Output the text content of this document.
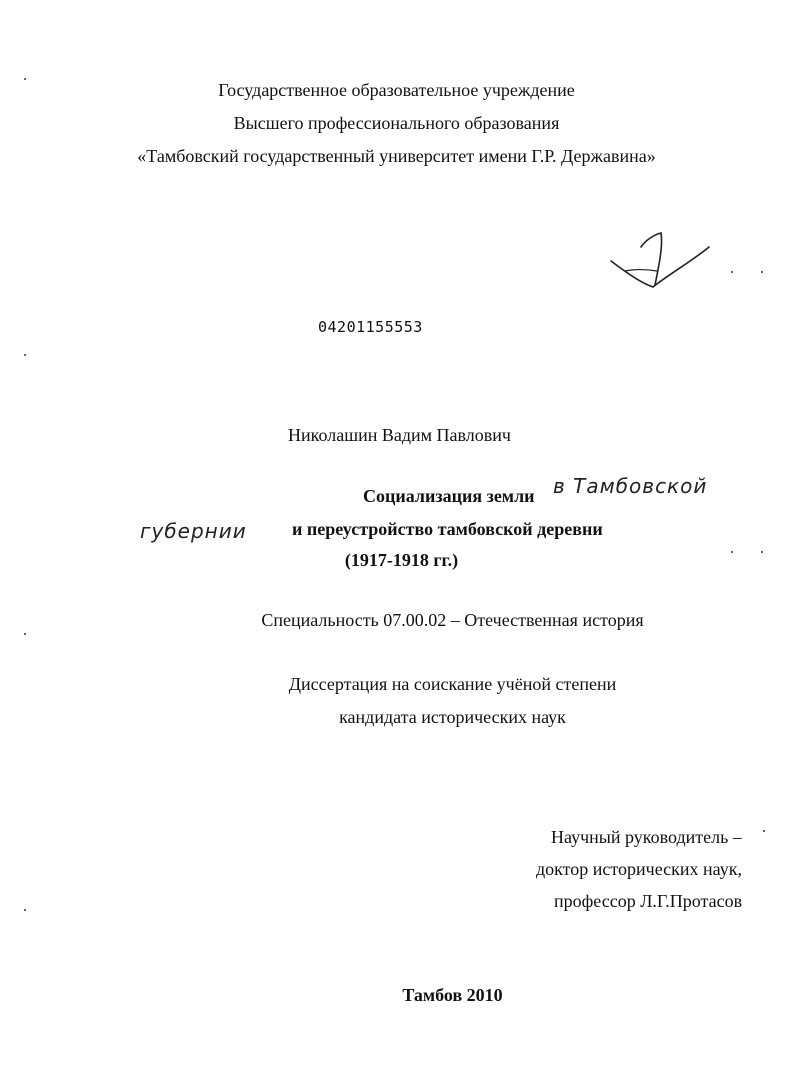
Государственное образовательное учреждение
Высшего профессионального образования
«Тамбовский государственный университет имени Г.Р. Державина»
04201155553
Николашин Вадим Павлович
Социализация земли в Тамбовской
губернии	и переустройство тамбовской деревни
(1917-1918 гг.)
Специальность 07.00.02 – Отечественная история
Диссертация на соискание учёной степени
кандидата исторических наук
Научный руководитель –
доктор исторических наук,
профессор Л.Г.Протасов
Тамбов 2010
